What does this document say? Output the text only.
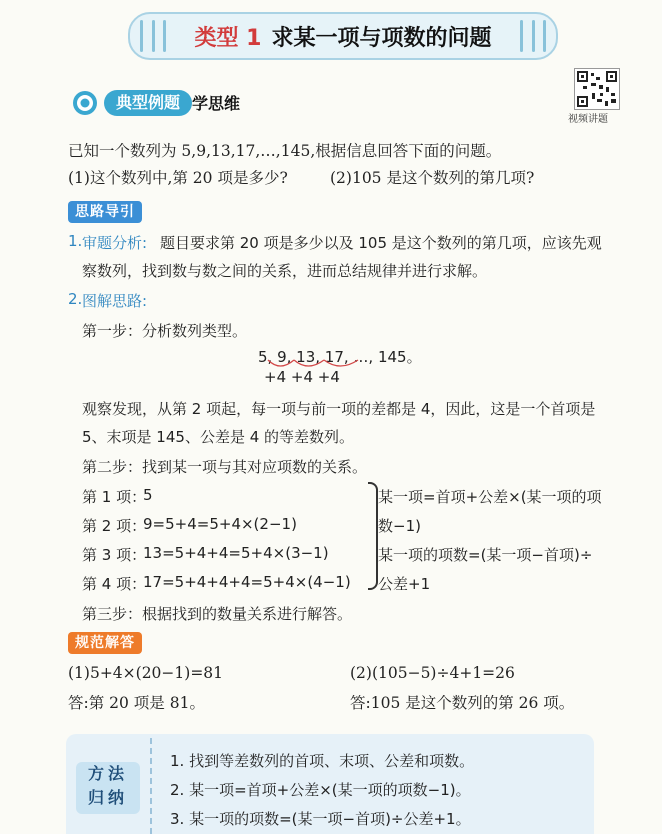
类型 1 求某一项与项数的问题
典型例题 学思维
视频讲题
已知一个数列为 5,9,13,17,…,145,根据信息回答下面的问题。
(1)这个数列中,第 20 项是多少?	(2)105 是这个数列的第几项?
思路导引
1. 审题分析: 题目要求第 20 项是多少以及 105 是这个数列的第几项，应该先观
察数列，找到数与数之间的关系，进而总结规律并进行求解。
2. 图解思路:
第一步：分析数列类型。
5, 9, 13, 17, …, 145。
+4 +4 +4
观察发现，从第 2 项起，每一项与前一项的差都是 4，因此，这是一个首项是
5、末项是 145、公差是 4 的等差数列。
第二步：找到某一项与其对应项数的关系。
第 1 项：
5
第 2 项：
9=5+4=5+4×(2−1)
第 3 项：
13=5+4+4=5+4×(3−1)
第 4 项：
17=5+4+4+4=5+4×(4−1)
某一项=首项+公差×(某一项的项
数−1)
某一项的项数=(某一项−首项)÷
公差+1
第三步：根据找到的数量关系进行解答。
规范解答
(1)5+4×(20−1)=81	(2)(105−5)÷4+1=26
答:第 20 项是 81。	答:105 是这个数列的第 26 项。
方法
归纳
1. 找到等差数列的首项、末项、公差和项数。
2. 某一项=首项+公差×(某一项的项数−1)。
3. 某一项的项数=(某一项−首项)÷公差+1。
